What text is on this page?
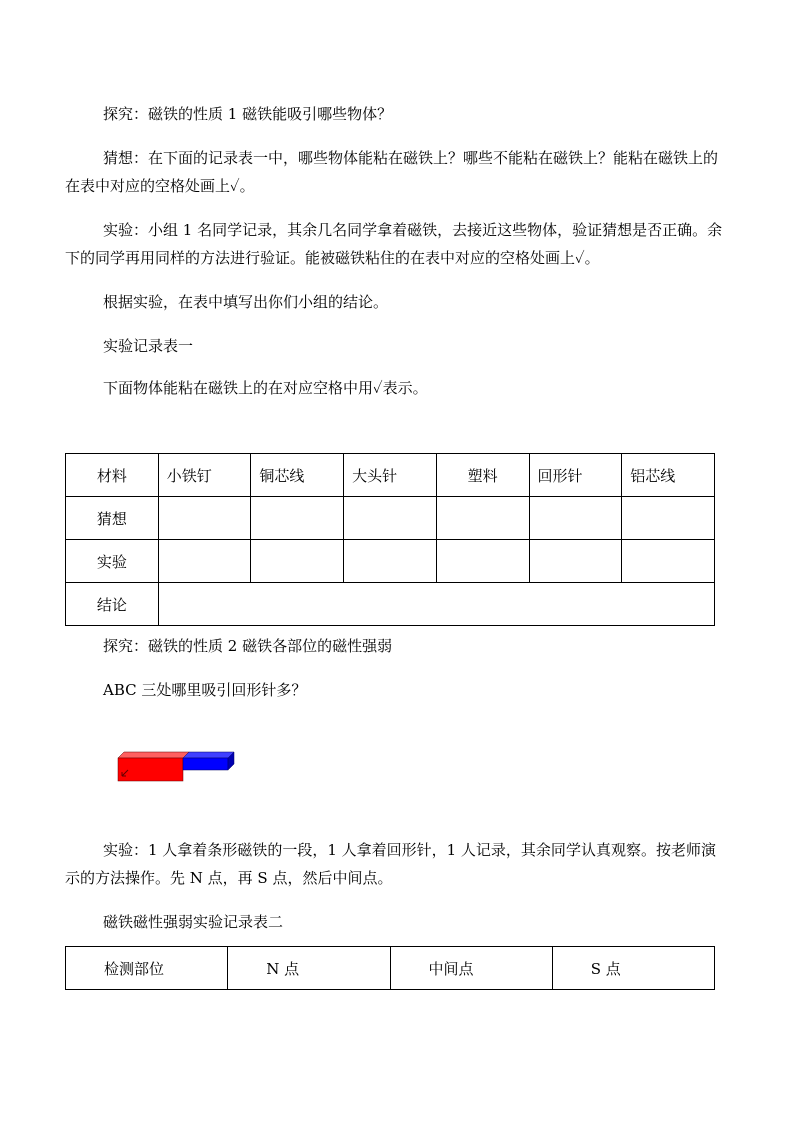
探究：磁铁的性质 1 磁铁能吸引哪些物体？

猜想：在下面的记录表一中，哪些物体能粘在磁铁上？哪些不能粘在磁铁上？能粘在磁铁上的在表中对应的空格处画上✓。

实验：小组 1 名同学记录，其余几名同学拿着磁铁，去接近这些物体，验证猜想是否正确。余下的同学再用同样的方法进行验证。能被磁铁粘住的在表中对应的空格处画上✓。

根据实验，在表中填写出你们小组的结论。

实验记录表一

下面物体能粘在磁铁上的在对应空格中用✓表示。

材料	小铁钉	铜芯线	大头针	塑料	回形针	铝芯线
猜想						
实验						
结论						

探究：磁铁的性质 2 磁铁各部位的磁性强弱

ABC 三处哪里吸引回形针多？

实验：1 人拿着条形磁铁的一段，1 人拿着回形针，1 人记录，其余同学认真观察。按老师演示的方法操作。先 N 点，再 S 点，然后中间点。

磁铁磁性强弱实验记录表二

检测部位	N 点	中间点	S 点
